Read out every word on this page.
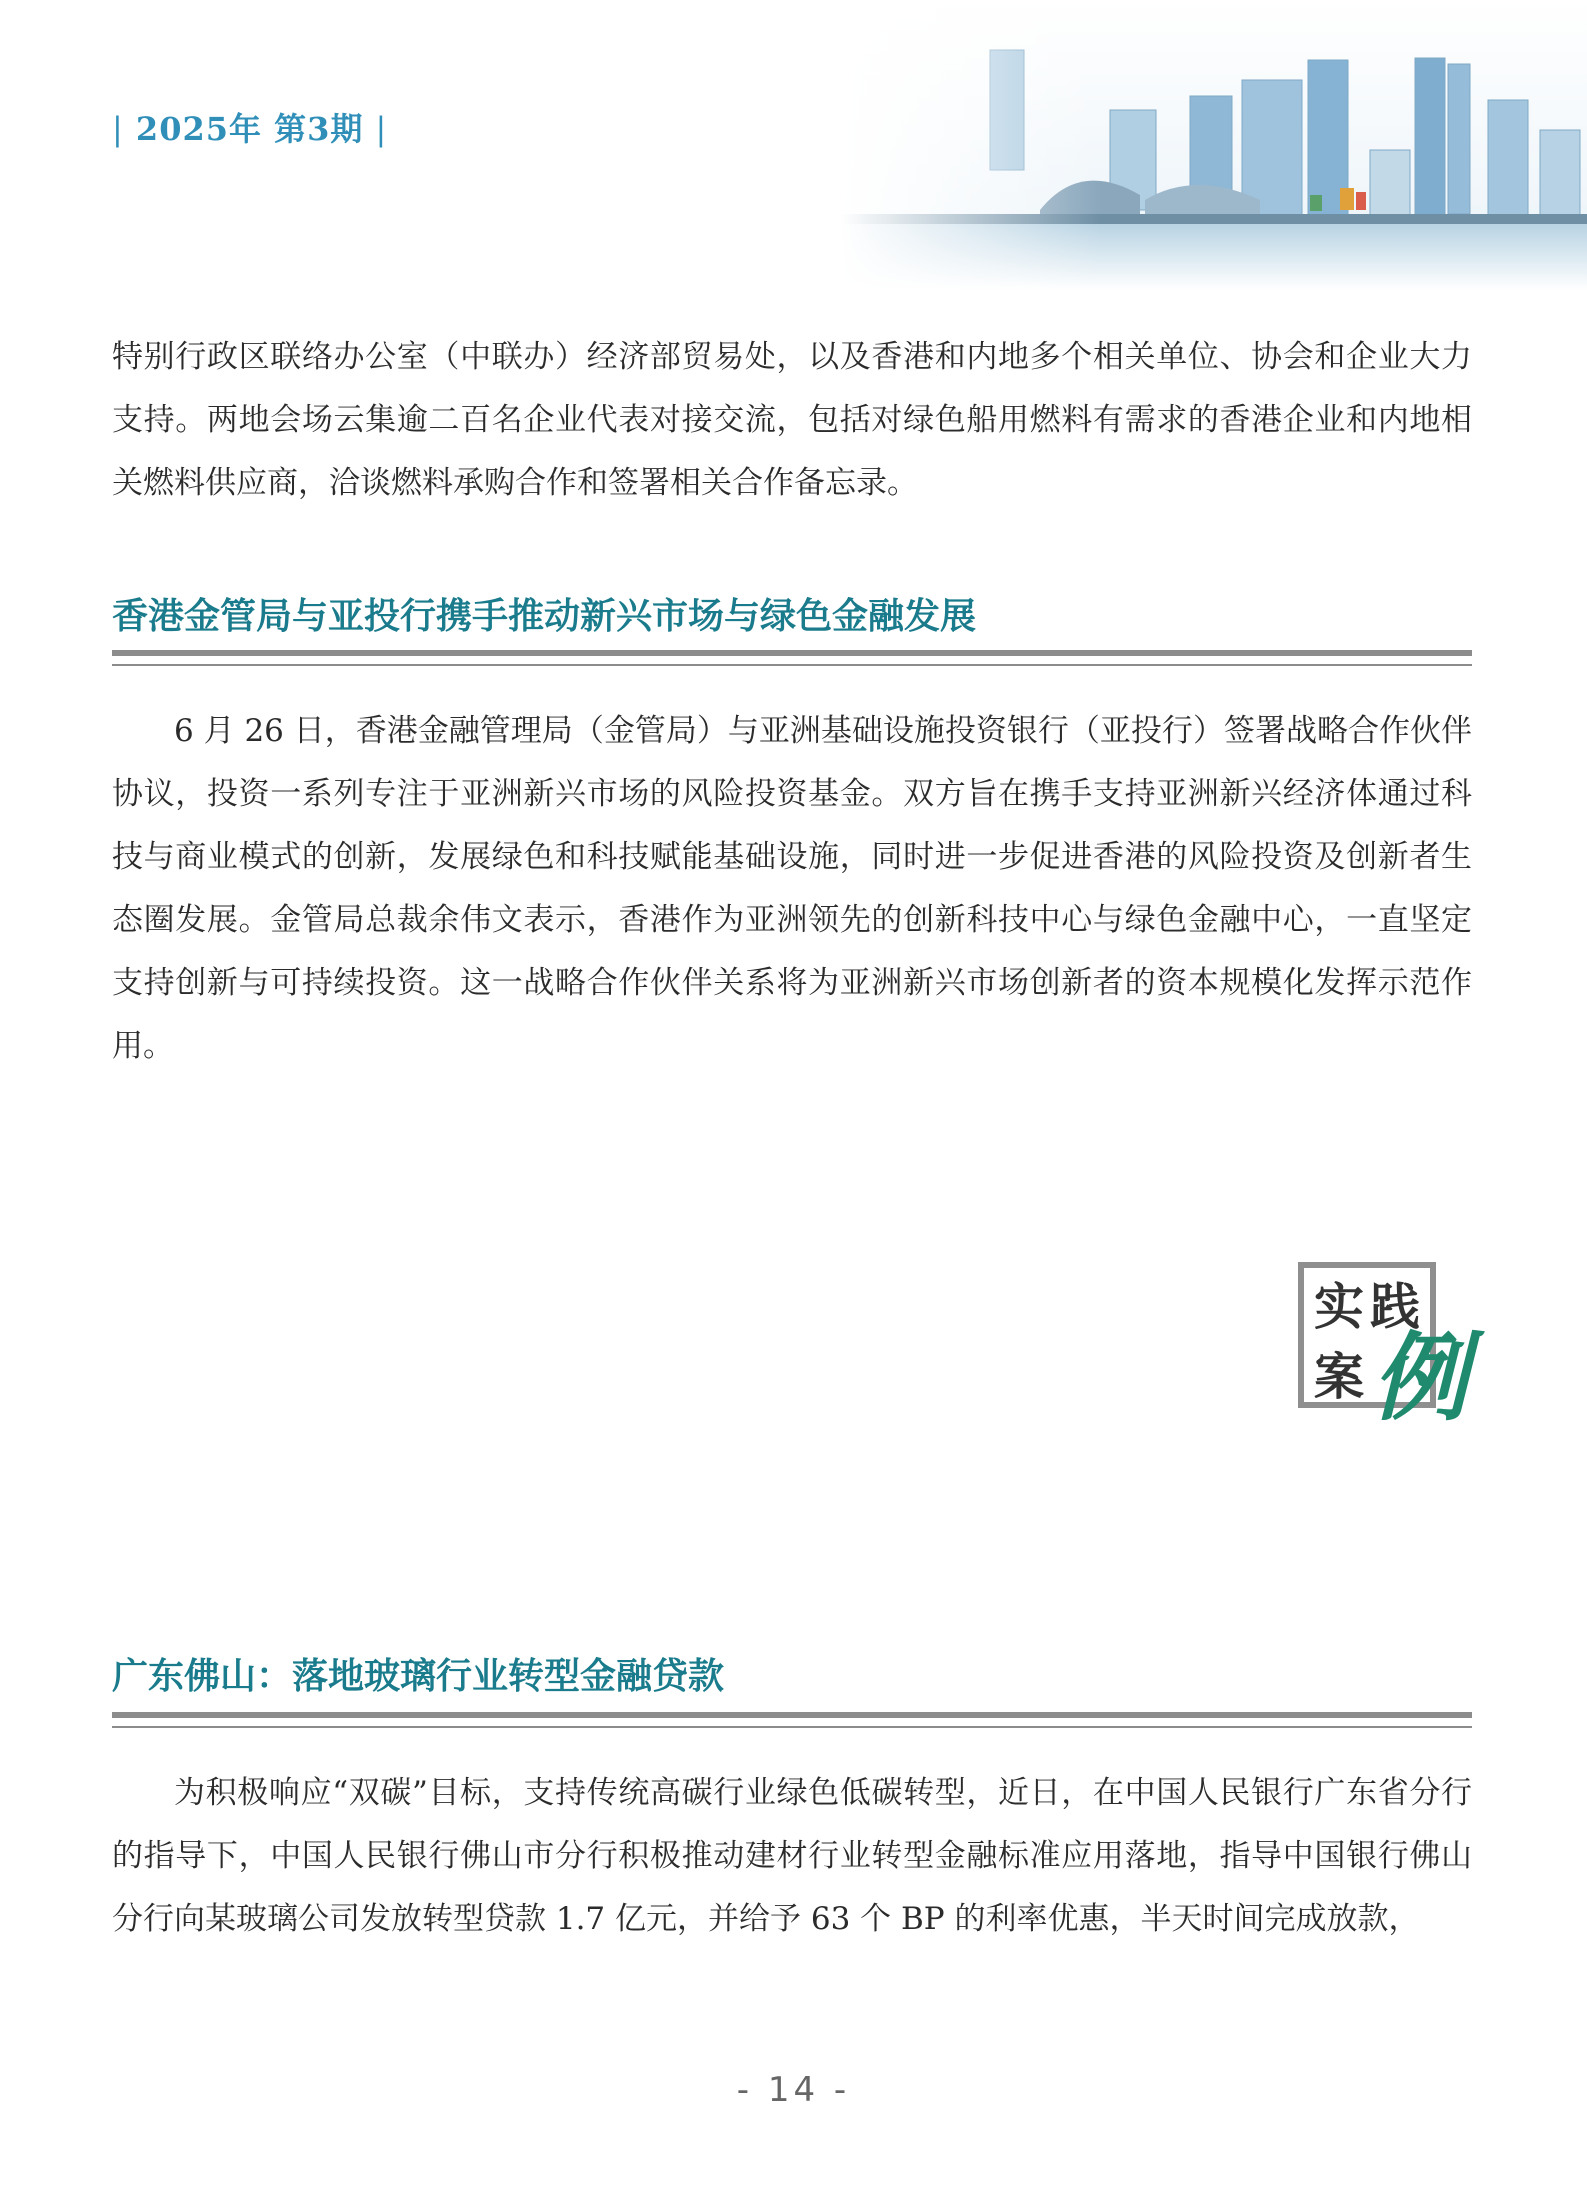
| 2025年 第3期 |

特别行政区联络办公室（中联办）经济部贸易处，以及香港和内地多个相关单位、协会和企业大力支持。两地会场云集逾二百名企业代表对接交流，包括对绿色船用燃料有需求的香港企业和内地相关燃料供应商，洽谈燃料承购合作和签署相关合作备忘录。

香港金管局与亚投行携手推动新兴市场与绿色金融发展

6 月 26 日，香港金融管理局（金管局）与亚洲基础设施投资银行（亚投行）签署战略合作伙伴协议，投资一系列专注于亚洲新兴市场的风险投资基金。双方旨在携手支持亚洲新兴经济体通过科技与商业模式的创新，发展绿色和科技赋能基础设施，同时进一步促进香港的风险投资及创新者生态圈发展。金管局总裁余伟文表示，香港作为亚洲领先的创新科技中心与绿色金融中心，一直坚定支持创新与可持续投资。这一战略合作伙伴关系将为亚洲新兴市场创新者的资本规模化发挥示范作用。

实 践
案 例
广东佛山：落地玻璃行业转型金融贷款

为积极响应“双碳”目标，支持传统高碳行业绿色低碳转型，近日，在中国人民银行广东省分行的指导下，中国人民银行佛山市分行积极推动建材行业转型金融标准应用落地，指导中国银行佛山分行向某玻璃公司发放转型贷款 1.7 亿元，并给予 63 个 BP 的利率优惠，半天时间完成放款，

- 14 -
